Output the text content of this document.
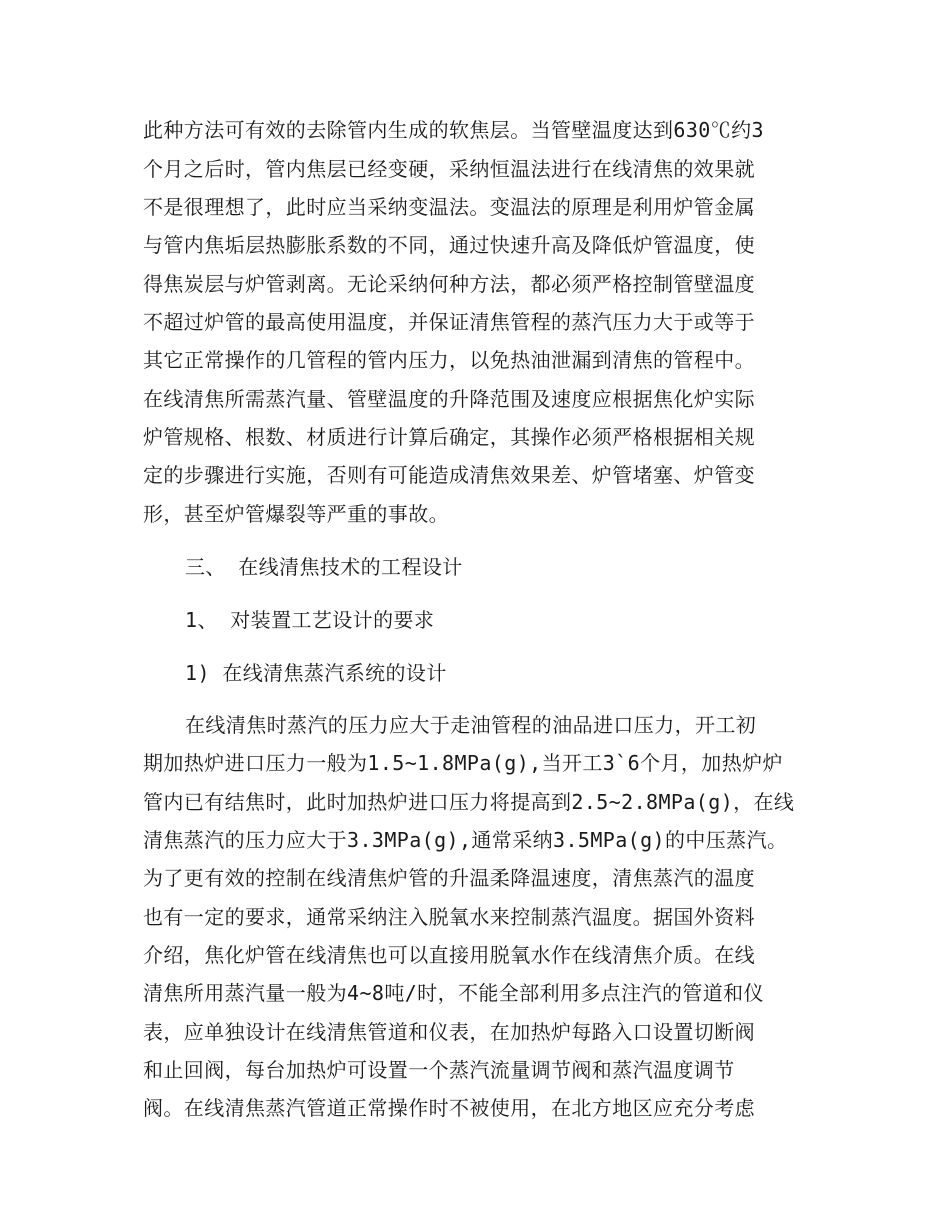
此种方法可有效的去除管内生成的软焦层。当管壁温度达到630℃约3
个月之后时，管内焦层已经变硬，采纳恒温法进行在线清焦的效果就
不是很理想了，此时应当采纳变温法。变温法的原理是利用炉管金属
与管内焦垢层热膨胀系数的不同，通过快速升高及降低炉管温度，使
得焦炭层与炉管剥离。无论采纳何种方法，都必须严格控制管壁温度
不超过炉管的最高使用温度，并保证清焦管程的蒸汽压力大于或等于
其它正常操作的几管程的管内压力，以免热油泄漏到清焦的管程中。
在线清焦所需蒸汽量、管壁温度的升降范围及速度应根据焦化炉实际
炉管规格、根数、材质进行计算后确定，其操作必须严格根据相关规
定的步骤进行实施，否则有可能造成清焦效果差、炉管堵塞、炉管变
形，甚至炉管爆裂等严重的事故。
三、 在线清焦技术的工程设计
1、 对装置工艺设计的要求
1) 在线清焦蒸汽系统的设计
在线清焦时蒸汽的压力应大于走油管程的油品进口压力，开工初
期加热炉进口压力一般为1.5~1.8MPa(g),当开工3`6个月，加热炉炉
管内已有结焦时，此时加热炉进口压力将提高到2.5~2.8MPa(g)，在线
清焦蒸汽的压力应大于3.3MPa(g),通常采纳3.5MPa(g)的中压蒸汽。
为了更有效的控制在线清焦炉管的升温柔降温速度，清焦蒸汽的温度
也有一定的要求，通常采纳注入脱氧水来控制蒸汽温度。据国外资料
介绍，焦化炉管在线清焦也可以直接用脱氧水作在线清焦介质。在线
清焦所用蒸汽量一般为4~8吨/时，不能全部利用多点注汽的管道和仪
表，应单独设计在线清焦管道和仪表，在加热炉每路入口设置切断阀
和止回阀，每台加热炉可设置一个蒸汽流量调节阀和蒸汽温度调节
阀。在线清焦蒸汽管道正常操作时不被使用，在北方地区应充分考虑
